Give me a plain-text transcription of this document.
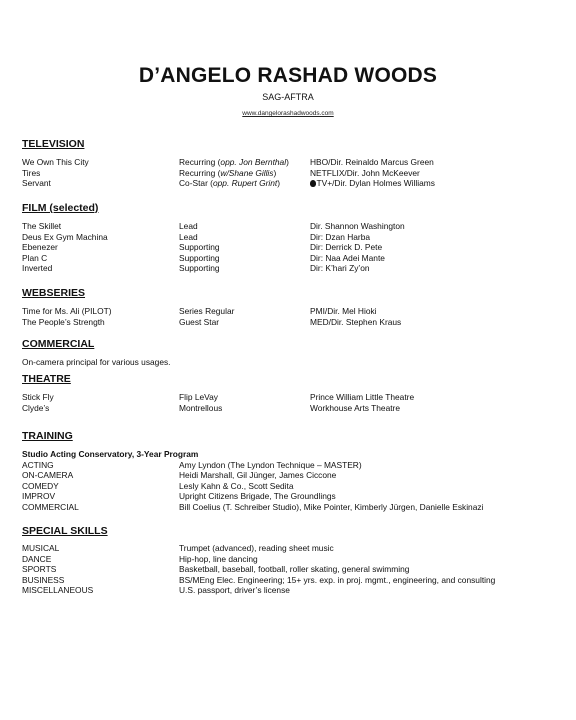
D’ANGELO RASHAD WOODS
SAG-AFTRA
www.dangelorashadwoods.com
TELEVISION
We Own This City	Recurring (opp. Jon Bernthal)	HBO/Dir. Reinaldo Marcus Green
Tires	Recurring (w/Shane Gillis)	NETFLIX/Dir. John McKeever
Servant	Co-Star (opp. Rupert Grint)	TV+/Dir. Dylan Holmes Williams
FILM (selected)
The Skillet	Lead	Dir. Shannon Washington
Deus Ex Gym Machina	Lead	Dir: Dzan Harba
Ebenezer	Supporting	Dir: Derrick D. Pete
Plan C	Supporting	Dir: Naa Adei Mante
Inverted	Supporting	Dir: K’hari Zy’on
WEBSERIES
Time for Ms. Ali (PILOT)	Series Regular	PMI/Dir. Mel Hioki
The People’s Strength	Guest Star	MED/Dir. Stephen Kraus
COMMERCIAL
On-camera principal for various usages.
THEATRE
Stick Fly	Flip LeVay	Prince William Little Theatre
Clyde’s	Montrellous	Workhouse Arts Theatre
TRAINING
Studio Acting Conservatory, 3-Year Program
ACTING	Amy Lyndon (The Lyndon Technique – MASTER)
ON-CAMERA	Heidi Marshall, Gil Jünger, James Ciccone
COMEDY	Lesly Kahn & Co., Scott Sedita
IMPROV	Upright Citizens Brigade, The Groundlings
COMMERCIAL	Bill Coelius (T. Schreiber Studio), Mike Pointer, Kimberly Jürgen, Danielle Eskinazi
SPECIAL SKILLS
MUSICAL	Trumpet (advanced), reading sheet music
DANCE	Hip-hop, line dancing
SPORTS	Basketball, baseball, football, roller skating, general swimming
BUSINESS	BS/MEng Elec. Engineering; 15+ yrs. exp. in proj. mgmt., engineering, and consulting
MISCELLANEOUS	U.S. passport, driver’s license
